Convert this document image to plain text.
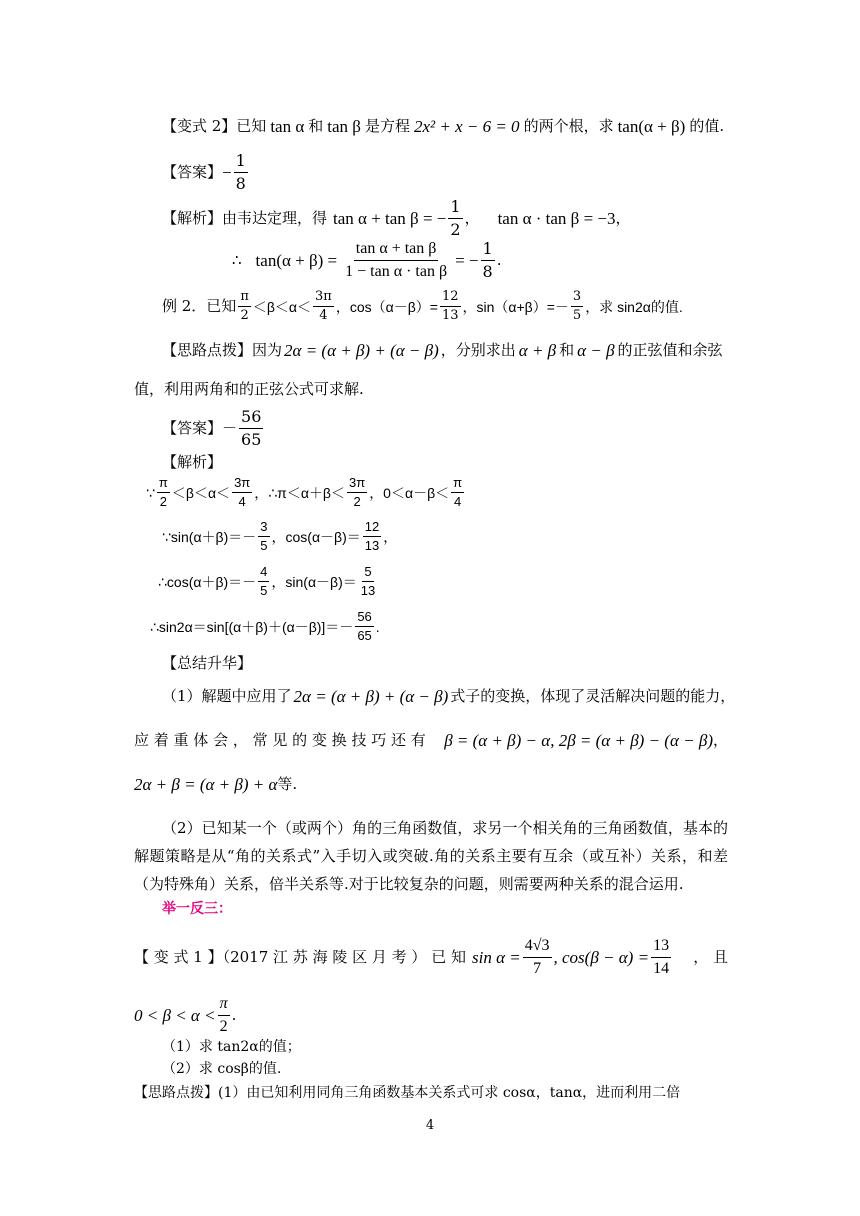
【变式 2】已知 tan α 和 tan β 是方程 2x² + x − 6 = 0 的两个根，求 tan(α + β) 的值.
【答案】 − $\frac{1}{8}$
【解析】由韦达定理，得 tan α + tan β = − $\frac{1}{2}$ ， tan α · tan β = −3 ，
∴ $\tan(\alpha + \beta) = \frac{\text{tan α + tan β}}{\text{1 − tan α · tan β}}$ = − $\frac{1}{8}$ .
例 2．已知 $\frac{\pi}{2} <\beta<\alpha< \frac{3\pi}{4}$ ，$\cos(\alpha-\beta)= \frac{12}{13}$ ，$\sin(\alpha+\beta)=- \frac{3}{5}$ ，求 sin2α的值.
【思路点拨】因为 2α = (α + β) + (α − β) ，分别求出 α + β 和 α − β 的正弦值和余弦
值，利用两角和的正弦公式可求解.
【答案】 － $\frac{56}{65}$
【解析】
∵ $\frac{\pi}{2} <\beta<\alpha< \frac{3\pi}{4}$ ，∴π＜α＋β＜ $\frac{3\pi}{2}$ ，$0<\alpha-\beta< \frac{\pi}{4}$
∵sin(α＋β)＝－ $\frac{3}{5}$ ，$\cos(\alpha-\beta)= \frac{12}{13}$ ，
∴cos(α＋β)＝－ $\frac{4}{5}$ ，$\sin(\alpha-\beta)= \frac{5}{13}$
∴sin2α＝sin[(α＋β)＋(α－β)]＝－ $\frac{56}{65}$ .
【总结升华】
（1）解题中应用了 2α = (α + β) + (α − β) 式子的变换，体现了灵活解决问题的能力，
应 着 重 体 会 ， 常 见 的 变 换 技 巧 还 有 β = (α + β) − α, 2β = (α + β) − (α − β) ，
2α + β = (α + β) + α 等.
（2）已知某一个（或两个）角的三角函数值，求另一个相关角的三角函数值，基本的解题策略是从“角的关系式”入手切入或突破.角的关系主要有互余（或互补）关系，和差（为特殊角）关系，倍半关系等.对于比较复杂的问题，则需要两种关系的混合运用.
举一反三：
【 变 式 1 】（2017 江 苏 海 陵 区 月 考 ） 已 知 $\sin \alpha = \frac{4√3}{7}$ , $\cos(\beta - \alpha) = \frac{13}{14}$ ， 且
$0 < \beta < \alpha < \frac{\pi}{2}$ .
（1）求 tan2α的值；
（2）求 cosβ的值.
【思路点拨】(1）由已知利用同角三角函数基本关系式可求 cosα，tanα，进而利用二倍
4
